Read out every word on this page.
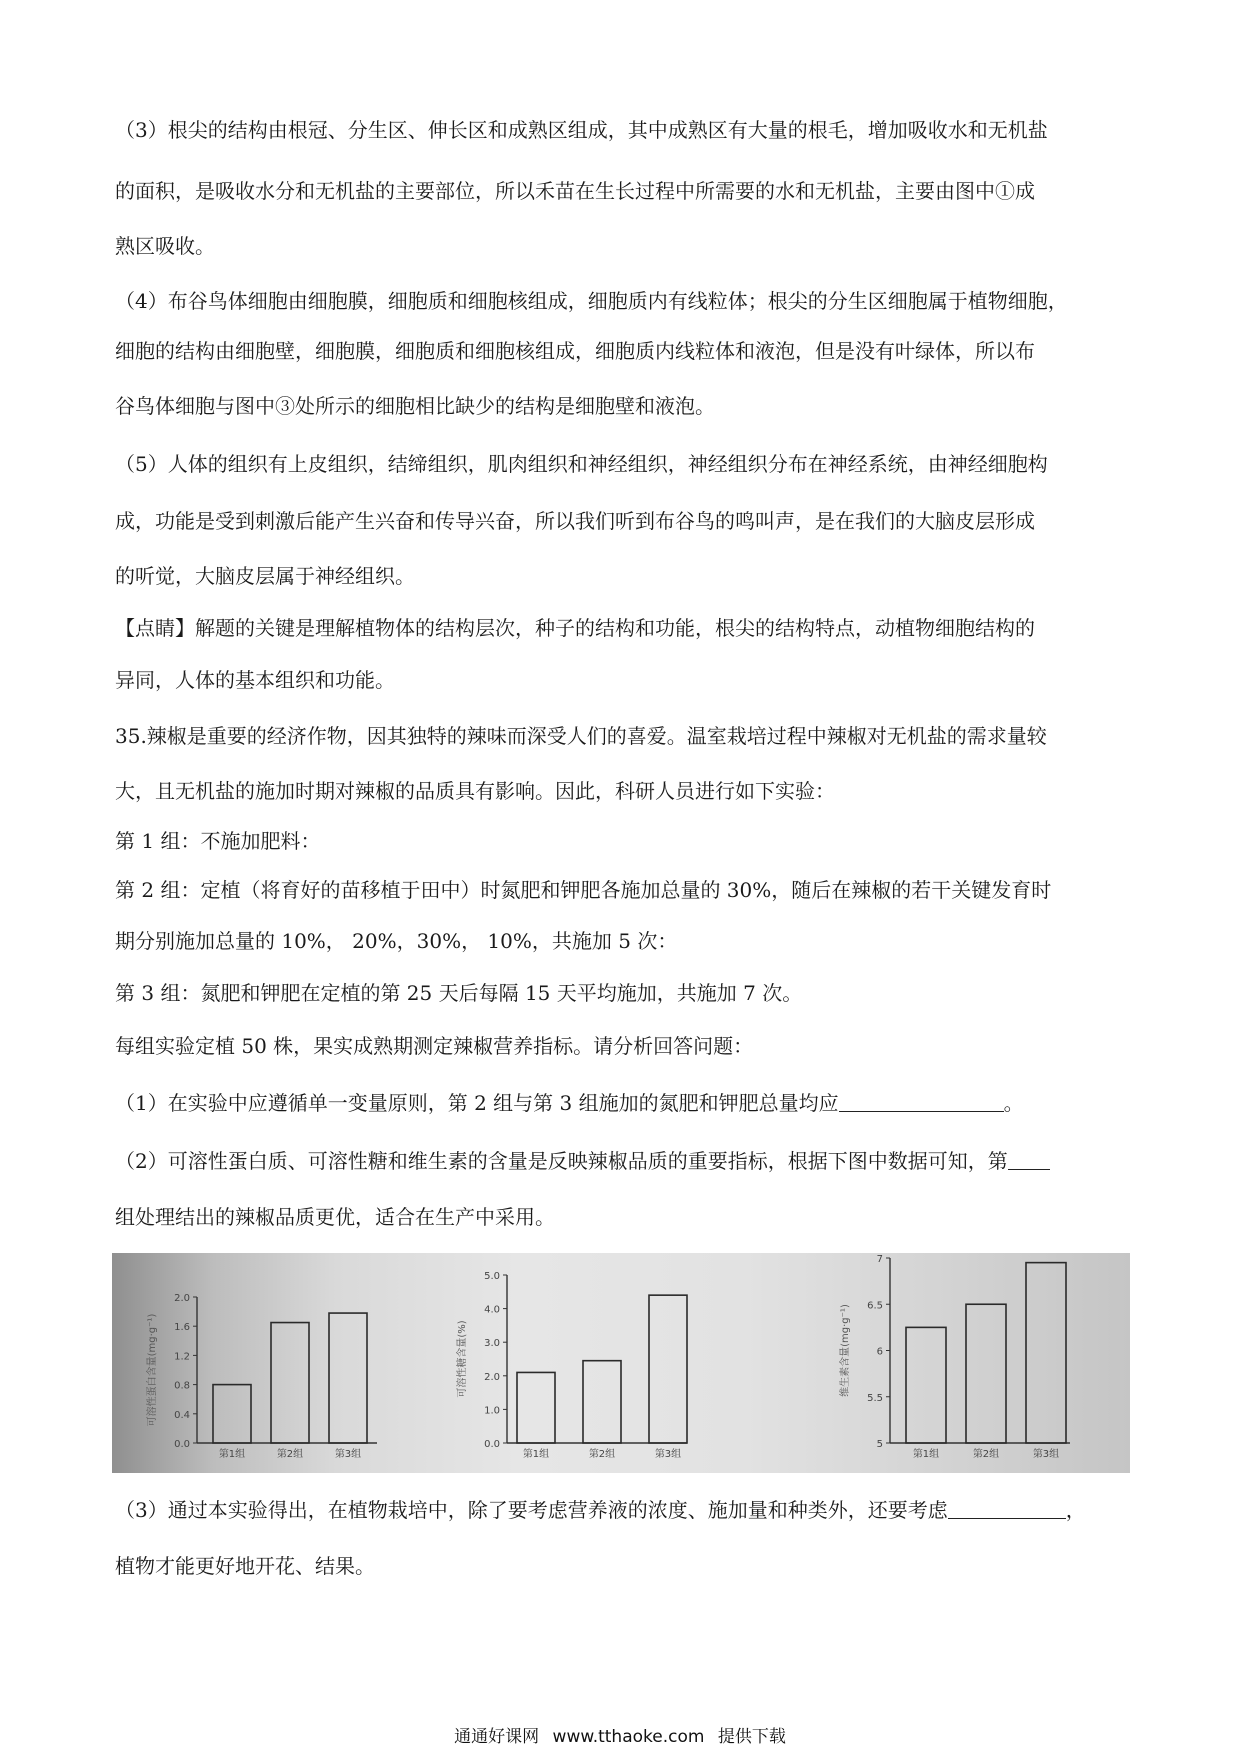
（3）根尖的结构由根冠、分生区、伸长区和成熟区组成，其中成熟区有大量的根毛，增加吸收水和无机盐
的面积，是吸收水分和无机盐的主要部位，所以禾苗在生长过程中所需要的水和无机盐，主要由图中①成
熟区吸收。
（4）布谷鸟体细胞由细胞膜，细胞质和细胞核组成，细胞质内有线粒体；根尖的分生区细胞属于植物细胞，
细胞的结构由细胞壁，细胞膜，细胞质和细胞核组成，细胞质内线粒体和液泡，但是没有叶绿体，所以布
谷鸟体细胞与图中③处所示的细胞相比缺少的结构是细胞壁和液泡。
（5）人体的组织有上皮组织，结缔组织，肌肉组织和神经组织，神经组织分布在神经系统，由神经细胞构
成，功能是受到刺激后能产生兴奋和传导兴奋，所以我们听到布谷鸟的鸣叫声，是在我们的大脑皮层形成
的听觉，大脑皮层属于神经组织。
【点睛】解题的关键是理解植物体的结构层次，种子的结构和功能，根尖的结构特点，动植物细胞结构的
异同，人体的基本组织和功能。
35.辣椒是重要的经济作物，因其独特的辣味而深受人们的喜爱。温室栽培过程中辣椒对无机盐的需求量较
大，且无机盐的施加时期对辣椒的品质具有影响。因此，科研人员进行如下实验：
第 1 组：不施加肥料：
第 2 组：定植（将育好的苗移植于田中）时氮肥和钾肥各施加总量的 30%，随后在辣椒的若干关键发育时
期分别施加总量的 10%， 20%，30%， 10%，共施加 5 次：
第 3 组：氮肥和钾肥在定植的第 25 天后每隔 15 天平均施加，共施加 7 次。
每组实验定植 50 株，果实成熟期测定辣椒营养指标。请分析回答问题：
（1）在实验中应遵循单一变量原则，第 2 组与第 3 组施加的氮肥和钾肥总量均应	。
（2）可溶性蛋白质、可溶性糖和维生素的含量是反映辣椒品质的重要指标，根据下图中数据可知，第
组处理结出的辣椒品质更优，适合在生产中采用。
0.0
0.4
0.8
1.2
1.6
2.0
可溶性蛋白含量(mg·g⁻¹)
第1组	第2组	第3组
0.0
1.0
2.0
3.0
4.0
5.0
可溶性糖含量(%)
第1组	第2组	第3组
5
5.5
6
6.5
7
维生素含量(mg·g⁻¹)
第1组	第2组	第3组
（3）通过本实验得出，在植物栽培中，除了要考虑营养液的浓度、施加量和种类外，还要考虑	，
植物才能更好地开花、结果。
通通好课网 www.tthaoke.com 提供下载
